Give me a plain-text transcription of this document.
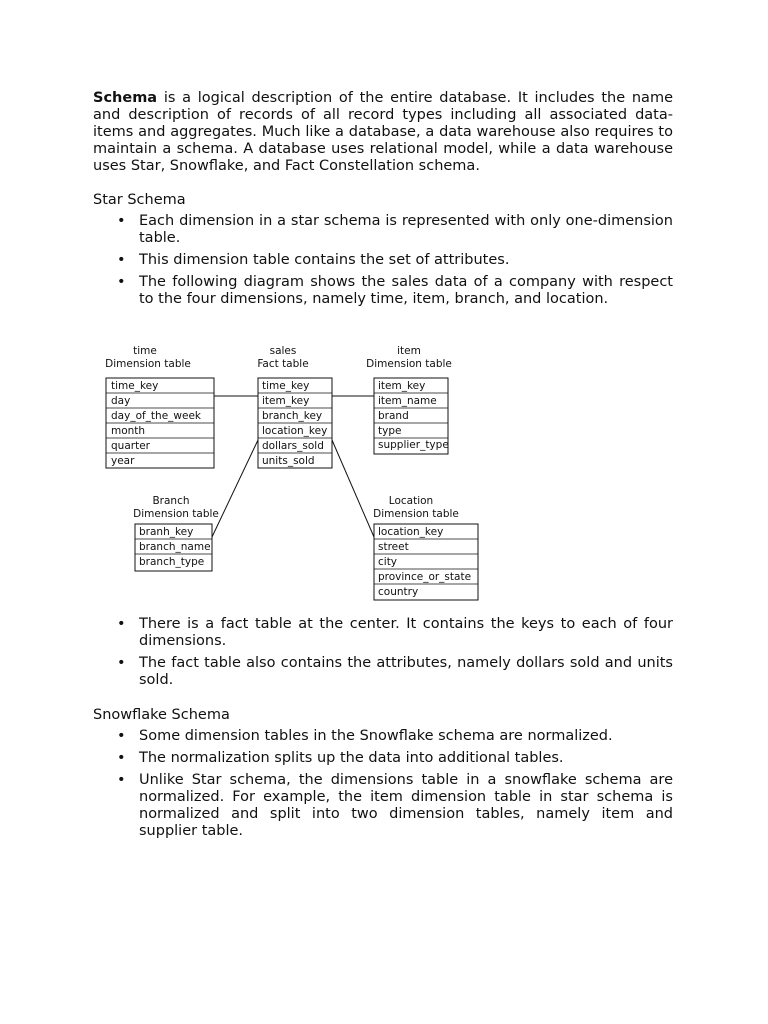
Schema is a logical description of the entire database. It includes the name and description of records of all record types including all associated data-items and aggregates. Much like a database, a data warehouse also requires to maintain a schema. A database uses relational model, while a data warehouse uses Star, Snowflake, and Fact Constellation schema.

Star Schema
• Each dimension in a star schema is represented with only one-dimension table.
• This dimension table contains the set of attributes.
• The following diagram shows the sales data of a company with respect to the four dimensions, namely time, item, branch, and location.
time
Dimension table
time_key
day
day_of_the_week
month
quarter
year
sales
Fact table
time_key
item_key
branch_key
location_key
dollars_sold
units_sold
item
Dimension table
item_key
item_name
brand
type
supplier_type
Branch
Dimension table
branh_key
branch_name
branch_type
Location
Dimension table
location_key
street
city
province_or_state
country
• There is a fact table at the center. It contains the keys to each of four dimensions.
• The fact table also contains the attributes, namely dollars sold and units sold.
Snowflake Schema
• Some dimension tables in the Snowflake schema are normalized.
• The normalization splits up the data into additional tables.
• Unlike Star schema, the dimensions table in a snowflake schema are normalized. For example, the item dimension table in star schema is normalized and split into two dimension tables, namely item and supplier table.
